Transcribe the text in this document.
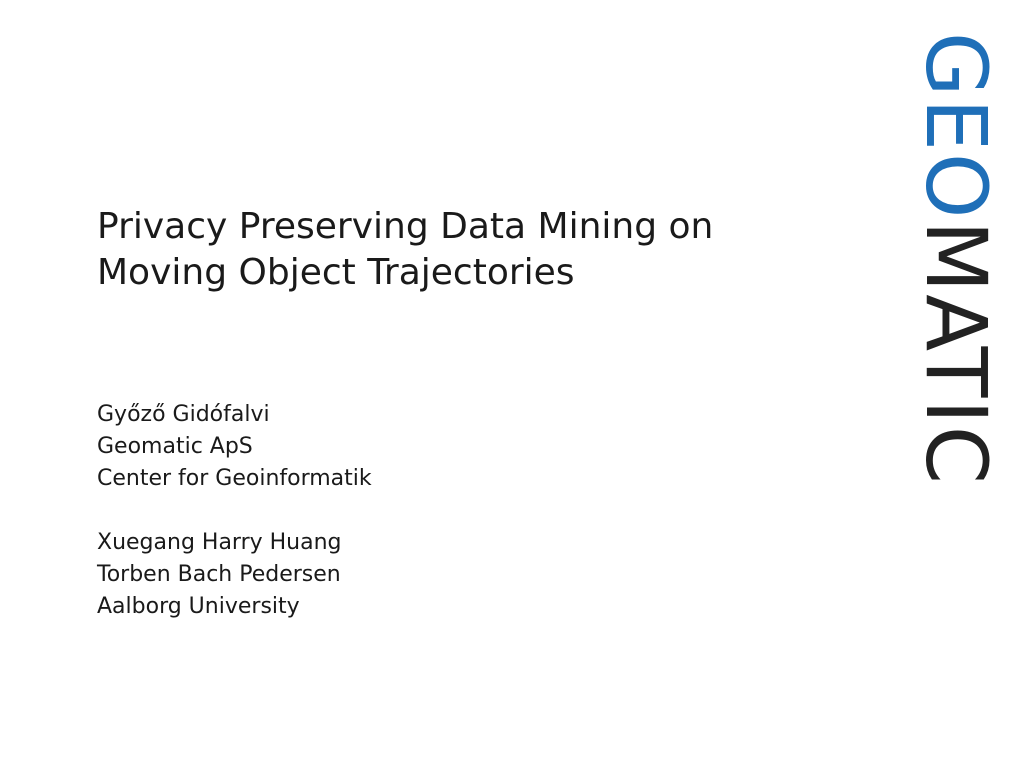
Privacy Preserving Data Mining on
Moving Object Trajectories
Győző Gidófalvi
Geomatic ApS
Center for Geoinformatik
Xuegang Harry Huang
Torben Bach Pedersen
Aalborg University
GEOMATIC
